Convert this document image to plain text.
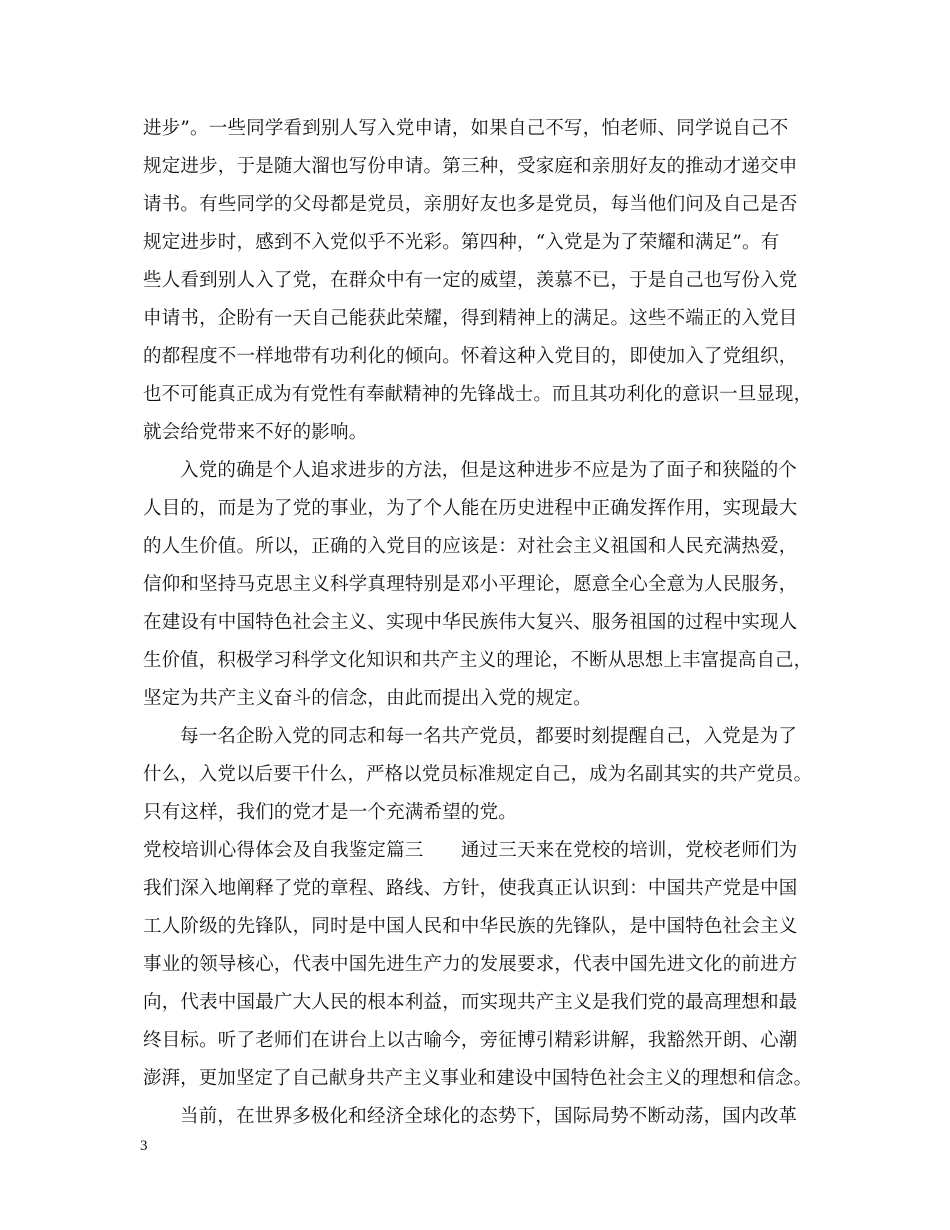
进步”。一些同学看到别人写入党申请，如果自己不写，怕老师、同学说自己不
规定进步，于是随大溜也写份申请。第三种，受家庭和亲朋好友的推动才递交申
请书。有些同学的父母都是党员，亲朋好友也多是党员，每当他们问及自己是否
规定进步时，感到不入党似乎不光彩。第四种，“入党是为了荣耀和满足”。有
些人看到别人入了党，在群众中有一定的威望，羡慕不已，于是自己也写份入党
申请书，企盼有一天自己能获此荣耀，得到精神上的满足。这些不端正的入党目
的都程度不一样地带有功利化的倾向。怀着这种入党目的，即使加入了党组织，
也不可能真正成为有党性有奉献精神的先锋战士。而且其功利化的意识一旦显现，
就会给党带来不好的影响。
入党的确是个人追求进步的方法，但是这种进步不应是为了面子和狭隘的个
人目的，而是为了党的事业，为了个人能在历史进程中正确发挥作用，实现最大
的人生价值。所以，正确的入党目的应该是：对社会主义祖国和人民充满热爱，
信仰和坚持马克思主义科学真理特别是邓小平理论，愿意全心全意为人民服务，
在建设有中国特色社会主义、实现中华民族伟大复兴、服务祖国的过程中实现人
生价值，积极学习科学文化知识和共产主义的理论，不断从思想上丰富提高自己，
坚定为共产主义奋斗的信念，由此而提出入党的规定。
每一名企盼入党的同志和每一名共产党员，都要时刻提醒自己，入党是为了
什么，入党以后要干什么，严格以党员标准规定自己，成为名副其实的共产党员。
只有这样，我们的党才是一个充满希望的党。
党校培训心得体会及自我鉴定篇三　　通过三天来在党校的培训，党校老师们为
我们深入地阐释了党的章程、路线、方针，使我真正认识到：中国共产党是中国
工人阶级的先锋队，同时是中国人民和中华民族的先锋队，是中国特色社会主义
事业的领导核心，代表中国先进生产力的发展要求，代表中国先进文化的前进方
向，代表中国最广大人民的根本利益，而实现共产主义是我们党的最高理想和最
终目标。听了老师们在讲台上以古喻今，旁征博引精彩讲解，我豁然开朗、心潮
澎湃，更加坚定了自己献身共产主义事业和建设中国特色社会主义的理想和信念。
当前，在世界多极化和经济全球化的态势下，国际局势不断动荡，国内改革
3
